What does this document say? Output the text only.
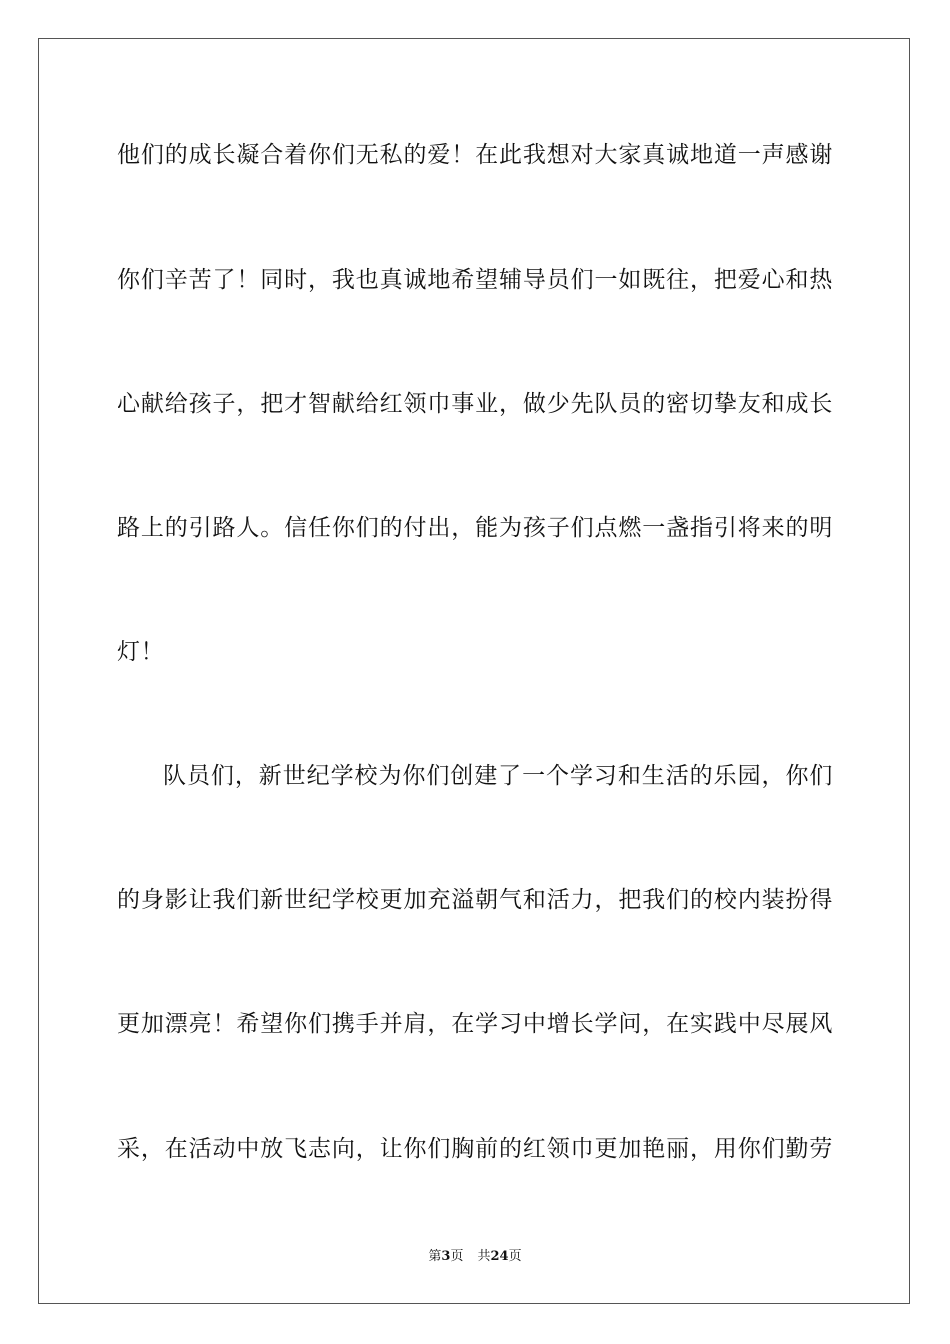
他们的成长凝合着你们无私的爱！在此我想对大家真诚地道一声感谢
你们辛苦了！同时，我也真诚地希望辅导员们一如既往，把爱心和热
心献给孩子，把才智献给红领巾事业，做少先队员的密切挚友和成长
路上的引路人。信任你们的付出，能为孩子们点燃一盏指引将来的明
灯！
队员们，新世纪学校为你们创建了一个学习和生活的乐园，你们
的身影让我们新世纪学校更加充溢朝气和活力，把我们的校内装扮得
更加漂亮！希望你们携手并肩，在学习中增长学问，在实践中尽展风
采，在活动中放飞志向，让你们胸前的红领巾更加艳丽，用你们勤劳
第3页 共24页
